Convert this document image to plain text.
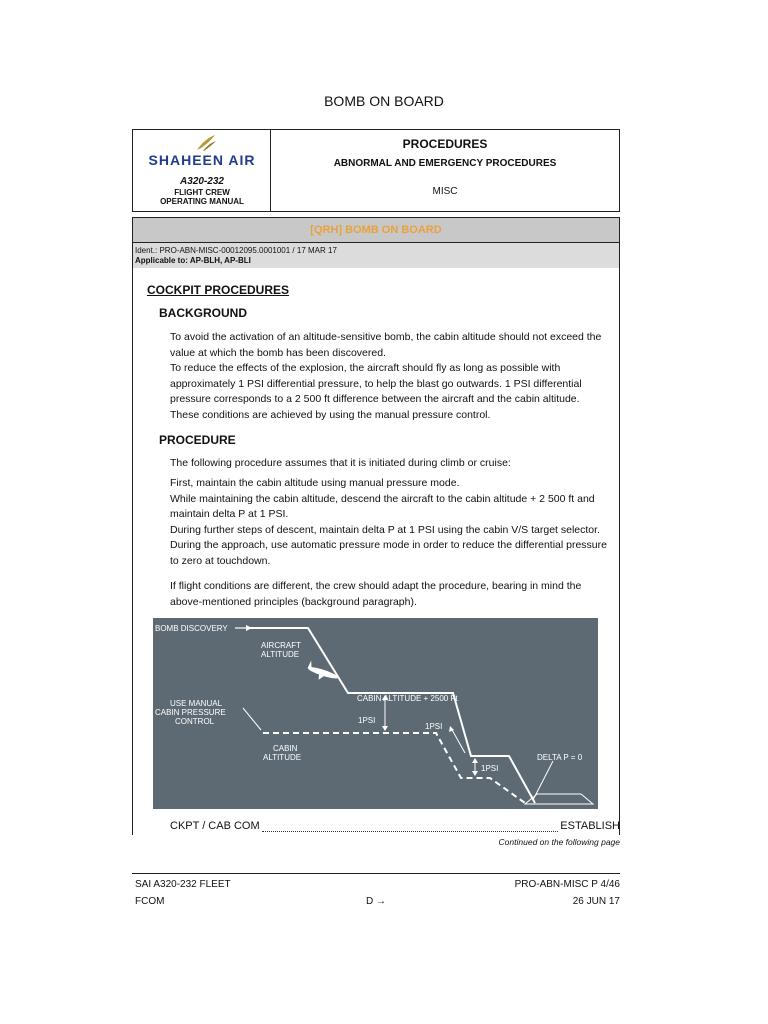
BOMB ON BOARD
SHAHEEN AIR
A320-232
FLIGHT CREW
OPERATING MANUAL
PROCEDURES
ABNORMAL AND EMERGENCY PROCEDURES
MISC
[QRH] BOMB ON BOARD
Ident.: PRO-ABN-MISC-00012095.0001001 / 17 MAR 17
Applicable to: AP-BLH, AP-BLI
COCKPIT PROCEDURES
BACKGROUND
To avoid the activation of an altitude-sensitive bomb, the cabin altitude should not exceed the
value at which the bomb has been discovered.
To reduce the effects of the explosion, the aircraft should fly as long as possible with
approximately 1 PSI differential pressure, to help the blast go outwards. 1 PSI differential
pressure corresponds to a 2 500 ft difference between the aircraft and the cabin altitude.
These conditions are achieved by using the manual pressure control.
PROCEDURE
The following procedure assumes that it is initiated during climb or cruise:
First, maintain the cabin altitude using manual pressure mode.
While maintaining the cabin altitude, descend the aircraft to the cabin altitude + 2 500 ft and
maintain delta P at 1 PSI.
During further steps of descent, maintain delta P at 1 PSI using the cabin V/S target selector.
During the approach, use automatic pressure mode in order to reduce the differential pressure
to zero at touchdown.
If flight conditions are different, the crew should adapt the procedure, bearing in mind the
above-mentioned principles (background paragraph).
BOMB DISCOVERY
AIRCRAFT
ALTITUDE
CABIN ALTITUDE + 2500 Ft
USE MANUAL
CABIN PRESSURE
CONTROL	1PSI
1PSI
1PSI
CABIN
ALTITUDE	DELTA P = 0
CKPT / CAB COM	ESTABLISH
Continued on the following page
SAI A320-232 FLEET
FCOM	D →
PRO-ABN-MISC P 4/46
26 JUN 17
